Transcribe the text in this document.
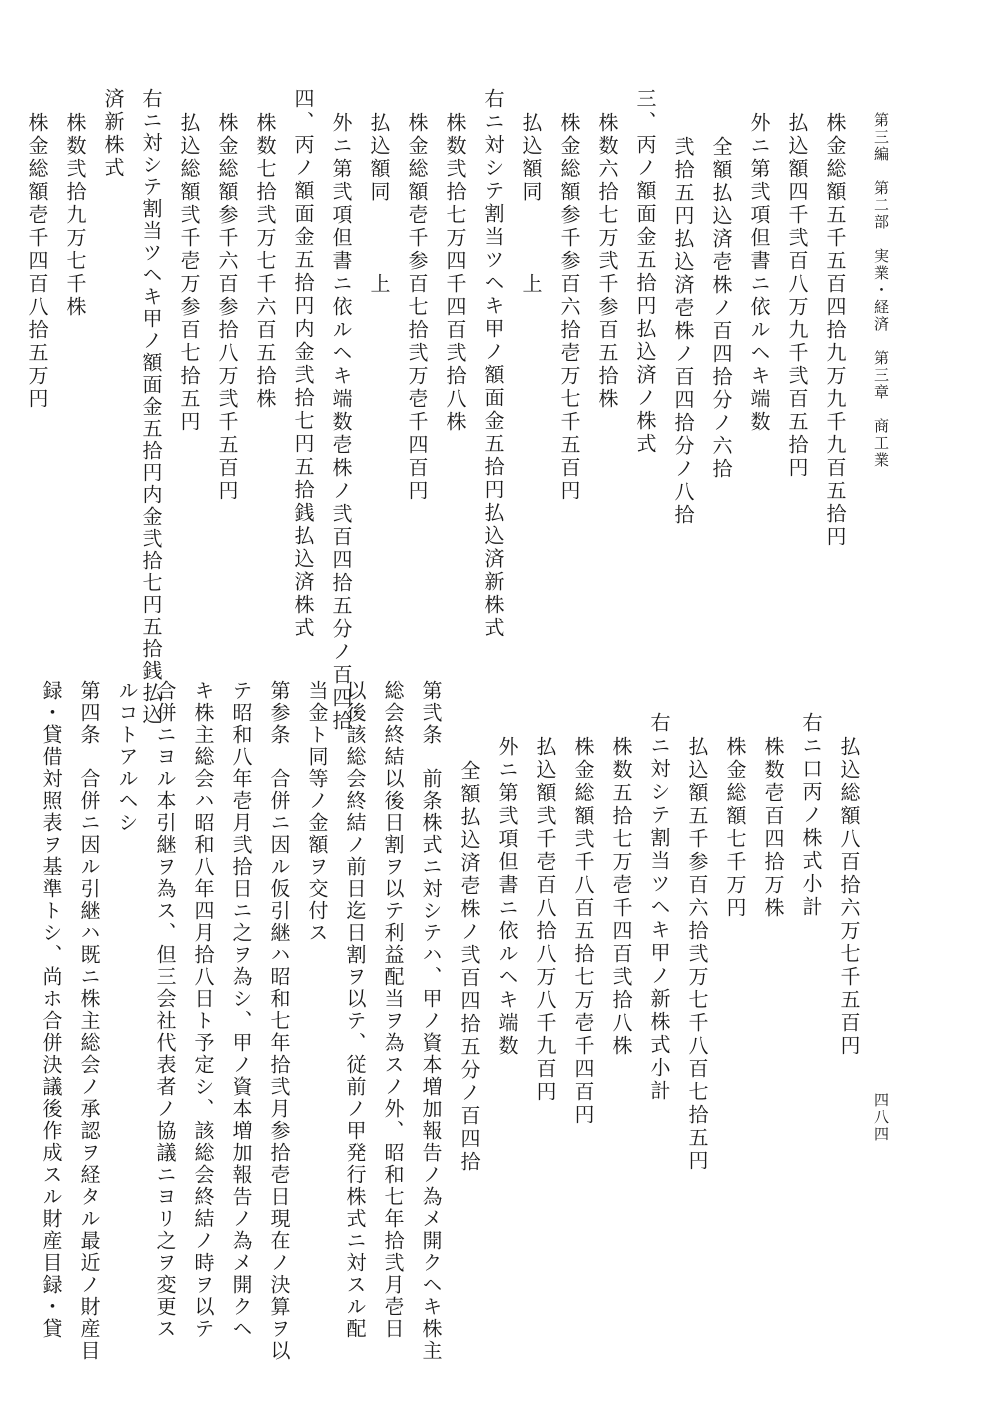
第三編　第二部　実業・経済　第三章　商工業
四八四
株金総額五千五百四拾九万九千九百五拾円
払込額四千弐百八万九千弐百五拾円
外ニ第弐項但書ニ依ルヘキ端数
全額払込済壱株ノ百四拾分ノ六拾
弐拾五円払込済壱株ノ百四拾分ノ八拾
三、丙ノ額面金五拾円払込済ノ株式
株数六拾七万弐千参百五拾株
株金総額参千参百六拾壱万七千五百円
払込額同　　　上
右ニ対シテ割当ツヘキ甲ノ額面金五拾円払込済新株式
株数弐拾七万四千四百弐拾八株
株金総額壱千参百七拾弐万壱千四百円
払込額同　　　上
外ニ第弐項但書ニ依ルヘキ端数壱株ノ弐百四拾五分ノ百四拾
四、丙ノ額面金五拾円内金弐拾七円五拾銭払込済株式
株数七拾弐万七千六百五拾株
株金総額参千六百参拾八万弐千五百円
払込総額弐千壱万参百七拾五円
右ニ対シテ割当ツヘキ甲ノ額面金五拾円内金弐拾七円五拾銭払込
済新株式
株数弐拾九万七千株
株金総額壱千四百八拾五万円
払込総額八百拾六万七千五百円
右ニ口丙ノ株式小計
株数壱百四拾万株
株金総額七千万円
払込額五千参百六拾弐万七千八百七拾五円
右ニ対シテ割当ツヘキ甲ノ新株式小計
株数五拾七万壱千四百弐拾八株
株金総額弐千八百五拾七万壱千四百円
払込額弐千壱百八拾八万八千九百円
外ニ第弐項但書ニ依ルヘキ端数
全額払込済壱株ノ弐百四拾五分ノ百四拾
第弐条　前条株式ニ対シテハ、甲ノ資本増加報告ノ為メ開クヘキ株主
総会終結以後日割ヲ以テ利益配当ヲ為スノ外、昭和七年拾弐月壱日
以後該総会終結ノ前日迄日割ヲ以テ、従前ノ甲発行株式ニ対スル配
当金ト同等ノ金額ヲ交付ス
第参条　合併ニ因ル仮引継ハ昭和七年拾弐月参拾壱日現在ノ決算ヲ以
テ昭和八年壱月弐拾日ニ之ヲ為シ、甲ノ資本増加報告ノ為メ開クヘ
キ株主総会ハ昭和八年四月拾八日ト予定シ、該総会終結ノ時ヲ以テ
合併ニヨル本引継ヲ為ス、但三会社代表者ノ協議ニヨリ之ヲ変更ス
ルコトアルヘシ
第四条　合併ニ因ル引継ハ既ニ株主総会ノ承認ヲ経タル最近ノ財産目
録・貸借対照表ヲ基準トシ、尚ホ合併決議後作成スル財産目録・貸
